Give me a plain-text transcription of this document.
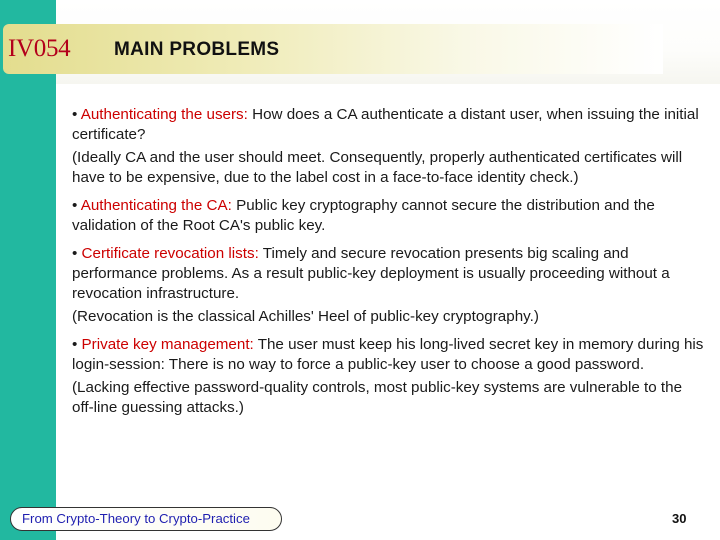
IV054 MAIN PROBLEMS

• Authenticating the users: How does a CA authenticate a distant user, when issuing the initial certificate?

(Ideally CA and the user should meet. Consequently, properly authenticated certificates will have to be expensive, due to the label cost in a face-to-face identity check.)

• Authenticating the CA: Public key cryptography cannot secure the distribution and the validation of the Root CA's public key.

• Certificate revocation lists: Timely and secure revocation presents big scaling and performance problems. As a result public-key deployment is usually proceeding without a revocation infrastructure.

(Revocation is the classical Achilles' Heel of public-key cryptography.)

• Private key management: The user must keep his long-lived secret key in memory during his login-session: There is no way to force a public-key user to choose a good password.

(Lacking effective password-quality controls, most public-key systems are vulnerable to the off-line guessing attacks.)

From Crypto-Theory to Crypto-Practice	30
